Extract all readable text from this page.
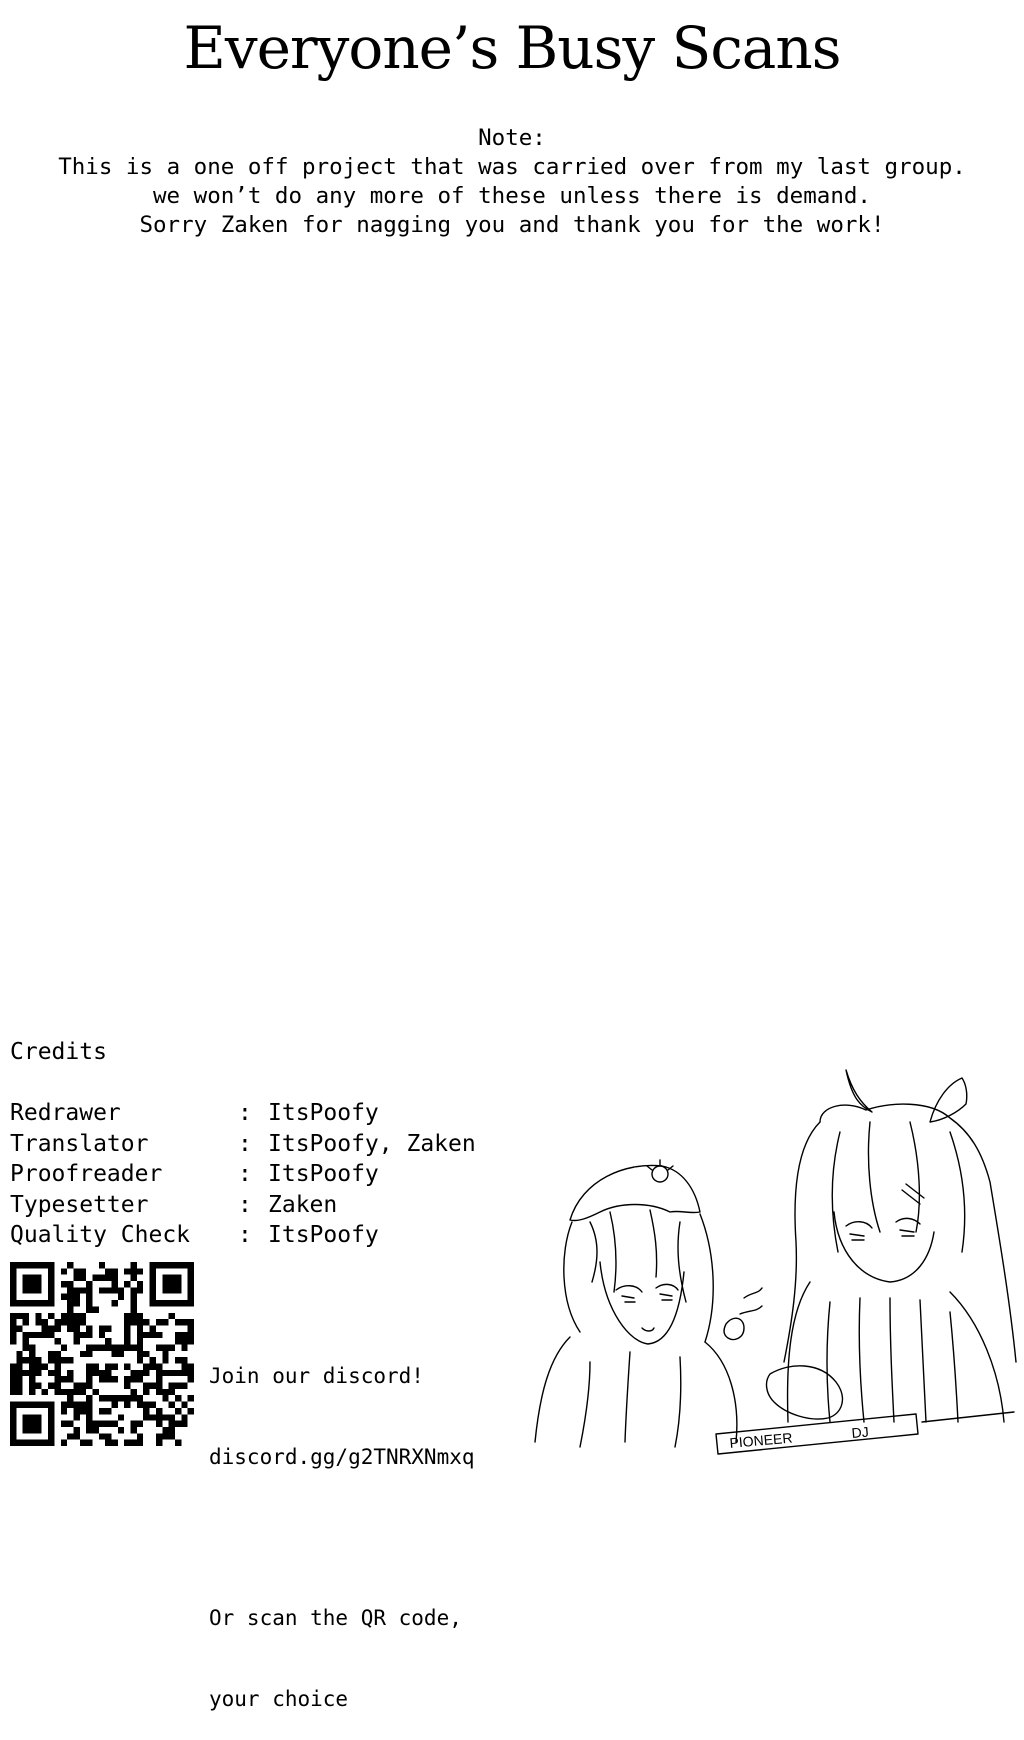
Everyone’s Busy Scans
Note:
This is a one off project that was carried over from my last group.
we won’t do any more of these unless there is demand.
Sorry Zaken for nagging you and thank you for the work!
Credits
Redrawer	: ItsPoofy
Translator	: ItsPoofy, Zaken
Proofreader	: ItsPoofy
Typesetter	: Zaken
Quality Check	: ItsPoofy

Join our discord!

discord.gg/g2TNRXNmxq

Or scan the QR code,

your choice

PIONEER	DJ
